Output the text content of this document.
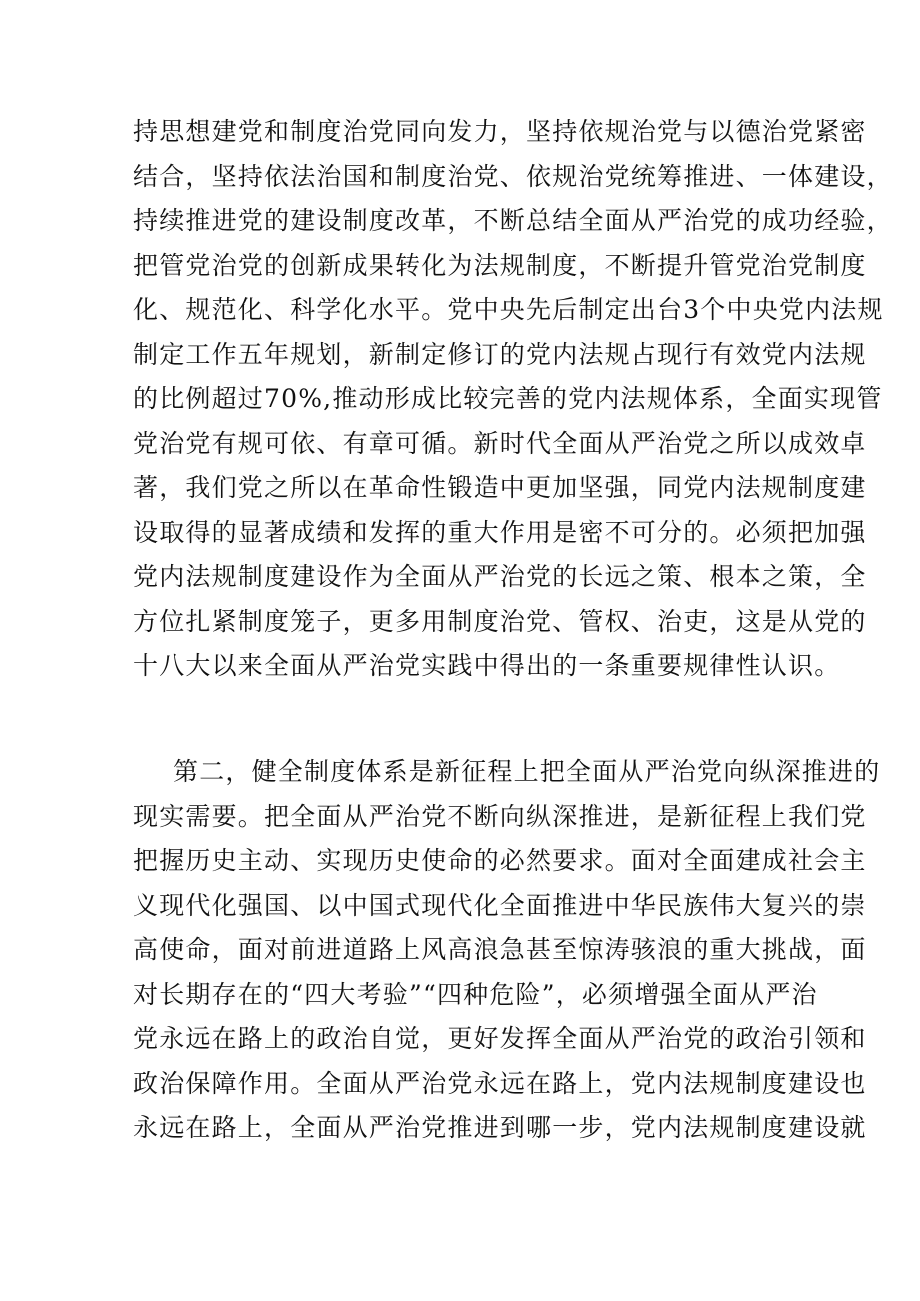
持思想建党和制度治党同向发力，坚持依规治党与以德治党紧密
结合，坚持依法治国和制度治党、依规治党统筹推进、一体建设，
持续推进党的建设制度改革，不断总结全面从严治党的成功经验，
把管党治党的创新成果转化为法规制度，不断提升管党治党制度
化、规范化、科学化水平。党中央先后制定出台3个中央党内法规
制定工作五年规划，新制定修订的党内法规占现行有效党内法规
的比例超过70%,推动形成比较完善的党内法规体系，全面实现管
党治党有规可依、有章可循。新时代全面从严治党之所以成效卓
著，我们党之所以在革命性锻造中更加坚强，同党内法规制度建
设取得的显著成绩和发挥的重大作用是密不可分的。必须把加强
党内法规制度建设作为全面从严治党的长远之策、根本之策，全
方位扎紧制度笼子，更多用制度治党、管权、治吏，这是从党的
十八大以来全面从严治党实践中得出的一条重要规律性认识。
第二，健全制度体系是新征程上把全面从严治党向纵深推进的
现实需要。把全面从严治党不断向纵深推进，是新征程上我们党
把握历史主动、实现历史使命的必然要求。面对全面建成社会主
义现代化强国、以中国式现代化全面推进中华民族伟大复兴的崇
高使命，面对前进道路上风高浪急甚至惊涛骇浪的重大挑战，面
对长期存在的“四大考验”“四种危险”，必须增强全面从严治
党永远在路上的政治自觉，更好发挥全面从严治党的政治引领和
政治保障作用。全面从严治党永远在路上，党内法规制度建设也
永远在路上，全面从严治党推进到哪一步，党内法规制度建设就
